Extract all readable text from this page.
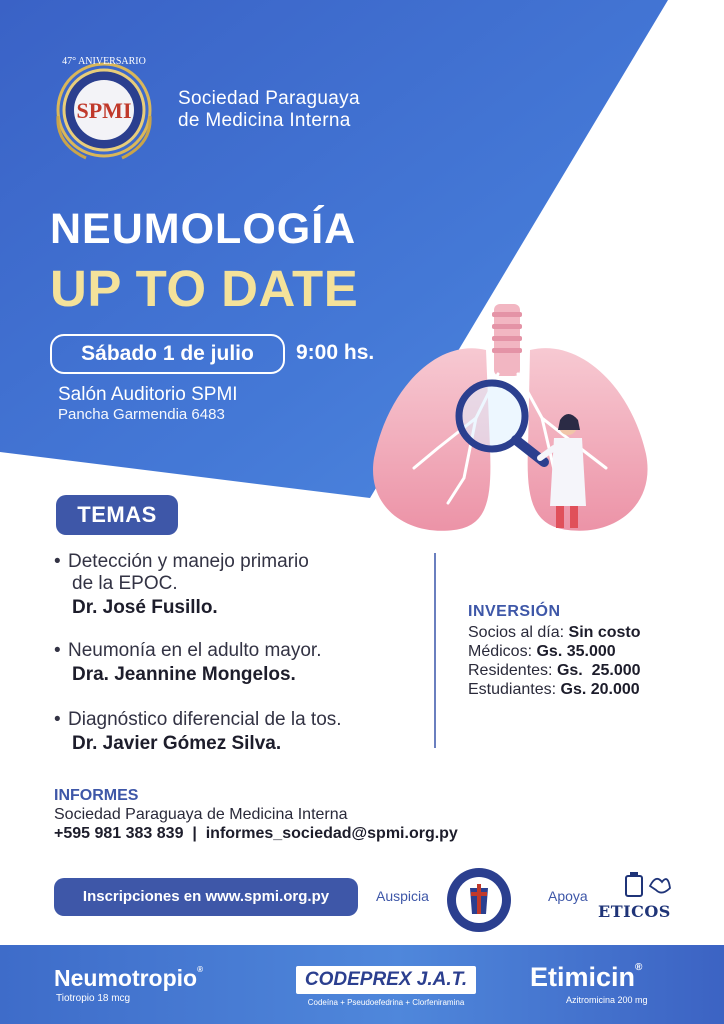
SPMI
47° ANIVERSARIO
Sociedad Paraguaya
de Medicina Interna
NEUMOLOGÍA
UP TO DATE
Sábado 1 de julio	9:00 hs.
Salón Auditorio SPMI
Pancha Garmendia 6483
TEMAS
• Detección y manejo primario
de la EPOC.
Dr. José Fusillo.
• Neumonía en el adulto mayor.
Dra. Jeannine Mongelos.
• Diagnóstico diferencial de la tos.
Dr. Javier Gómez Silva.
INVERSIÓN
Socios al día: Sin costo
Médicos: Gs. 35.000
Residentes: Gs.  25.000
Estudiantes: Gs. 20.000
INFORMES
Sociedad Paraguaya de Medicina Interna
+595 981 383 839  |  informes_sociedad@spmi.org.py
Inscripciones en www.spmi.org.py	Auspicia	Apoya
ETICOS
Neumotropio®
Tiotropio 18 mcg
CODEPREX J.A.T.
Codeína + Pseudoefedrina + Clorfeniramina
Etimicin®
Azitromicina 200 mg
